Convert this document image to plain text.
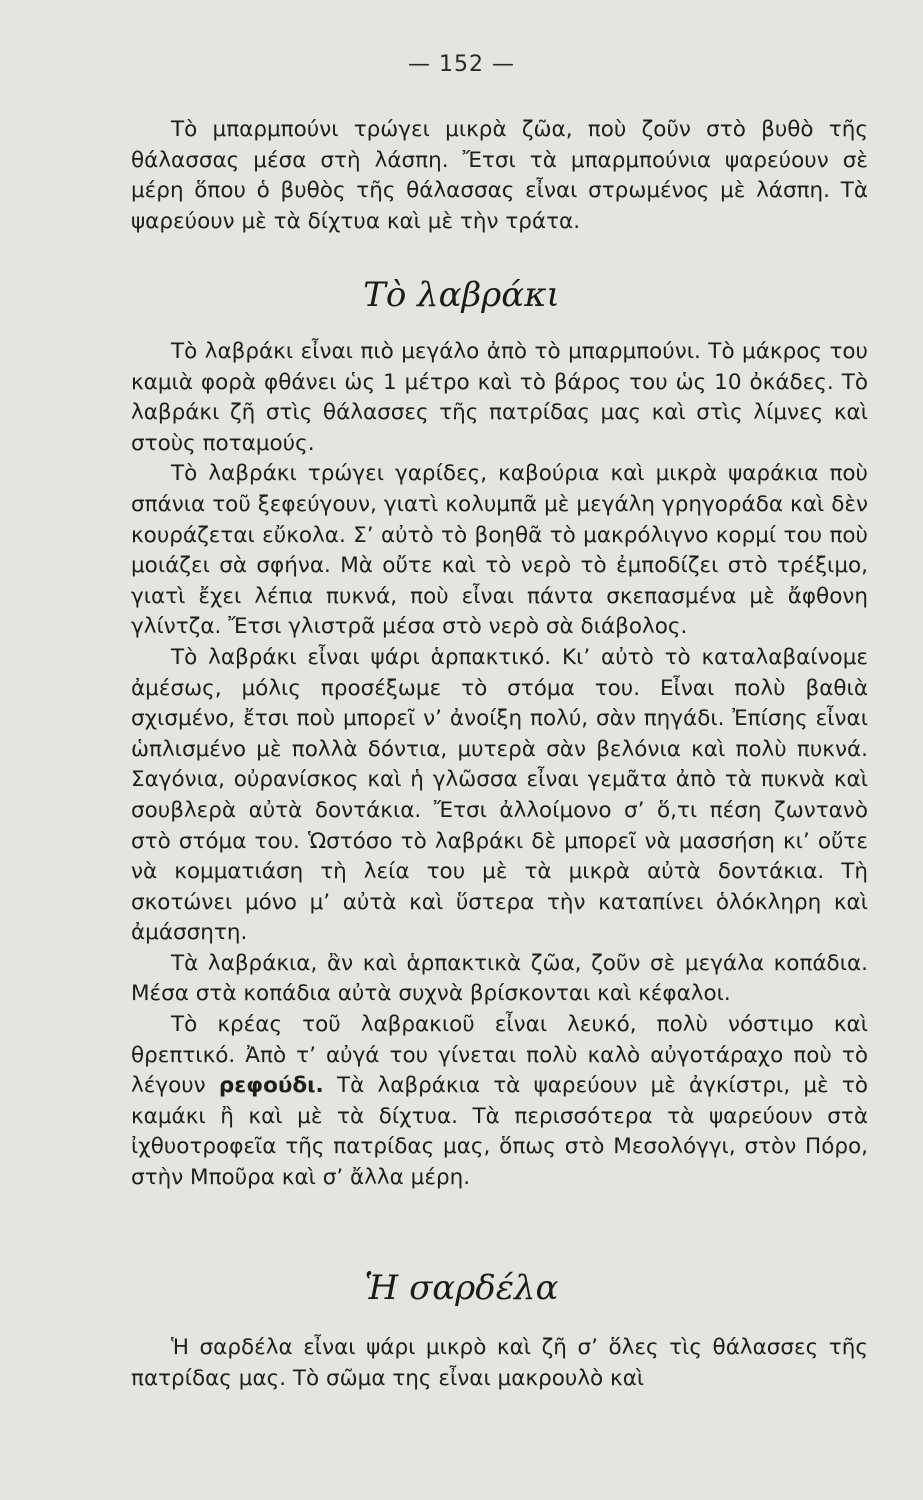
— 152 —

Τὸ μπαρμπούνι τρώγει μικρὰ ζῶα, ποὺ ζοῦν στὸ βυθὸ τῆς θάλασσας μέσα στὴ λάσπη. Ἔτσι τὰ μπαρμπούνια ψαρεύουν σὲ μέρη ὅπου ὁ βυθὸς τῆς θάλασσας εἶναι στρωμένος μὲ λάσπη. Τὰ ψαρεύουν μὲ τὰ δίχτυα καὶ μὲ τὴν τράτα.

Τὸ λαβράκι

Τὸ λαβράκι εἶναι πιὸ μεγάλο ἀπὸ τὸ μπαρμπούνι. Τὸ μάκρος του καμιὰ φορὰ φθάνει ὡς 1 μέτρο καὶ τὸ βάρος του ὡς 10 ὀκάδες. Τὸ λαβράκι ζῆ στὶς θάλασσες τῆς πατρίδας μας καὶ στὶς λίμνες καὶ στοὺς ποταμούς.

Τὸ λαβράκι τρώγει γαρίδες, καβούρια καὶ μικρὰ ψαράκια ποὺ σπάνια τοῦ ξεφεύγουν, γιατὶ κολυμπᾶ μὲ μεγάλη γρηγοράδα καὶ δὲν κουράζεται εὔκολα. Σ’ αὐτὸ τὸ βοηθᾶ τὸ μακρόλιγνο κορμί του ποὺ μοιάζει σὰ σφήνα. Μὰ οὔτε καὶ τὸ νερὸ τὸ ἐμποδίζει στὸ τρέξιμο, γιατὶ ἔχει λέπια πυκνά, ποὺ εἶναι πάντα σκεπασμένα μὲ ἄφθονη γλίντζα. Ἔτσι γλιστρᾶ μέσα στὸ νερὸ σὰ διάβολος.

Τὸ λαβράκι εἶναι ψάρι ἁρπακτικό. Κι’ αὐτὸ τὸ καταλαβαίνομε ἀμέσως, μόλις προσέξωμε τὸ στόμα του. Εἶναι πολὺ βαθιὰ σχισμένο, ἔτσι ποὺ μπορεῖ ν’ ἀνοίξη πολύ, σὰν πηγάδι. Ἐπίσης εἶναι ὡπλισμένο μὲ πολλὰ δόντια, μυτερὰ σὰν βελόνια καὶ πολὺ πυκνά. Σαγόνια, οὐρανίσκος καὶ ἡ γλῶσσα εἶναι γεμᾶτα ἀπὸ τὰ πυκνὰ καὶ σουβλερὰ αὐτὰ δοντάκια. Ἔτσι ἀλλοίμονο σ’ ὅ,τι πέση ζωντανὸ στὸ στόμα του. Ὡστόσο τὸ λαβράκι δὲ μπορεῖ νὰ μασσήση κι’ οὔτε νὰ κομματιάση τὴ λεία του μὲ τὰ μικρὰ αὐτὰ δοντάκια. Τὴ σκοτώνει μόνο μ’ αὐτὰ καὶ ὕστερα τὴν καταπίνει ὁλόκληρη καὶ ἀμάσσητη.

Τὰ λαβράκια, ἂν καὶ ἁρπακτικὰ ζῶα, ζοῦν σὲ μεγάλα κοπάδια. Μέσα στὰ κοπάδια αὐτὰ συχνὰ βρίσκονται καὶ κέφαλοι.

Τὸ κρέας τοῦ λαβρακιοῦ εἶναι λευκό, πολὺ νόστιμο καὶ θρεπτικό. Ἀπὸ τ’ αὐγά του γίνεται πολὺ καλὸ αὐγοτάραχο ποὺ τὸ λέγουν ρεφούδι. Τὰ λαβράκια τὰ ψαρεύουν μὲ ἀγκίστρι, μὲ τὸ καμάκι ἢ καὶ μὲ τὰ δίχτυα. Τὰ περισσότερα τὰ ψαρεύουν στὰ ἰχθυοτροφεῖα τῆς πατρίδας μας, ὅπως στὸ Μεσολόγγι, στὸν Πόρο, στὴν Μποῦρα καὶ σ’ ἄλλα μέρη.

Ἡ σαρδέλα

Ἡ σαρδέλα εἶναι ψάρι μικρὸ καὶ ζῆ σ’ ὅλες τὶς θάλασσες τῆς πατρίδας μας. Τὸ σῶμα της εἶναι μακρουλὸ καὶ
